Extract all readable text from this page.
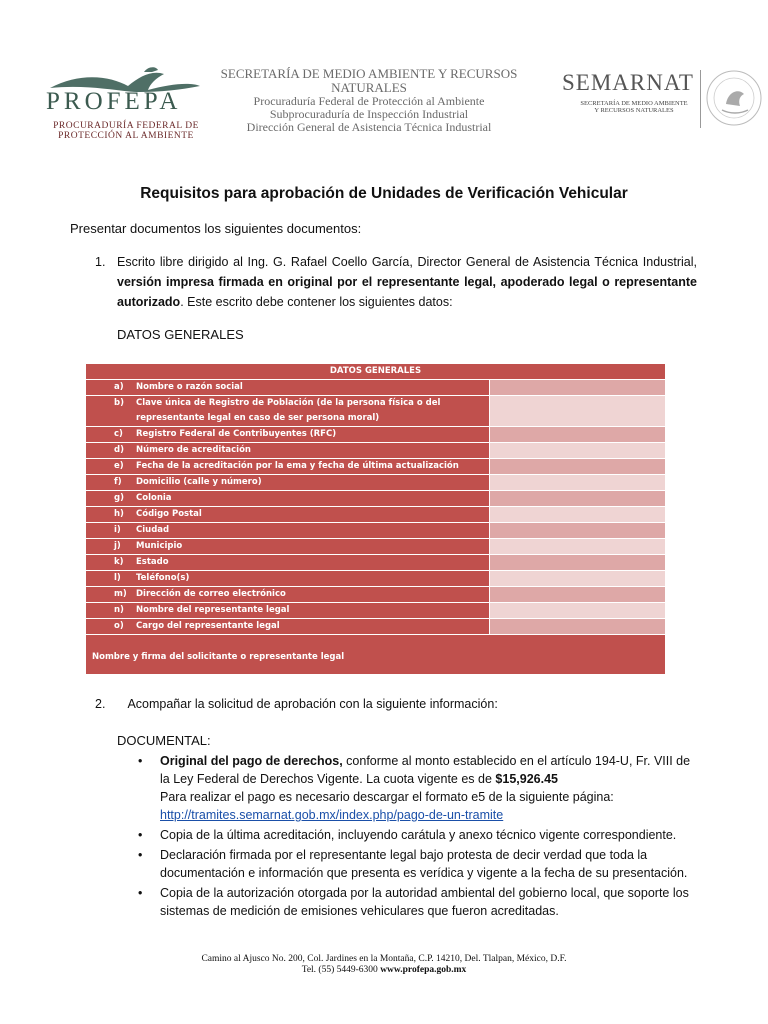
PROFEPA
PROCURADURÍA FEDERAL DE
PROTECCIÓN AL AMBIENTE
SECRETARÍA DE MEDIO AMBIENTE Y RECURSOS
NATURALES
Procuraduría Federal de Protección al Ambiente
Subprocuraduría de Inspección Industrial
Dirección General de Asistencia Técnica Industrial
SEMARNAT
SECRETARÍA DE MEDIO AMBIENTE
Y RECURSOS NATURALES
Requisitos para aprobación de Unidades de Verificación Vehicular
Presentar documentos los siguientes documentos:
1. Escrito libre dirigido al Ing. G. Rafael Coello García, Director General de Asistencia Técnica Industrial, versión impresa firmada en original por el representante legal, apoderado legal o representante autorizado. Este escrito debe contener los siguientes datos:
DATOS GENERALES
DATOS GENERALES
a)	Nombre o razón social
b)	Clave única de Registro de Población (de la persona física o del representante legal en caso de ser persona moral)
c)	Registro Federal de Contribuyentes (RFC)
d)	Número de acreditación
e)	Fecha de la acreditación por la ema y fecha de última actualización
f)	Domicilio (calle y número)
g)	Colonia
h)	Código Postal
i)	Ciudad
j)	Municipio
k)	Estado
l)	Teléfono(s)
m)	Dirección de correo electrónico
n)	Nombre del representante legal
o)	Cargo del representante legal
Nombre y firma del solicitante o representante legal
2. Acompañar la solicitud de aprobación con la siguiente información:
DOCUMENTAL:
• Original del pago de derechos, conforme al monto establecido en el artículo 194-U, Fr. VIII de la Ley Federal de Derechos Vigente. La cuota vigente es de $15,926.45
Para realizar el pago es necesario descargar el formato e5 de la siguiente página:
http://tramites.semarnat.gob.mx/index.php/pago-de-un-tramite
• Copia de la última acreditación, incluyendo carátula y anexo técnico vigente correspondiente.
• Declaración firmada por el representante legal bajo protesta de decir verdad que toda la documentación e información que presenta es verídica y vigente a la fecha de su presentación.
• Copia de la autorización otorgada por la autoridad ambiental del gobierno local, que soporte los sistemas de medición de emisiones vehiculares que fueron acreditadas.
Camino al Ajusco No. 200, Col. Jardines en la Montaña, C.P. 14210, Del. Tlalpan, México, D.F.
Tel. (55) 5449-6300 www.profepa.gob.mx
